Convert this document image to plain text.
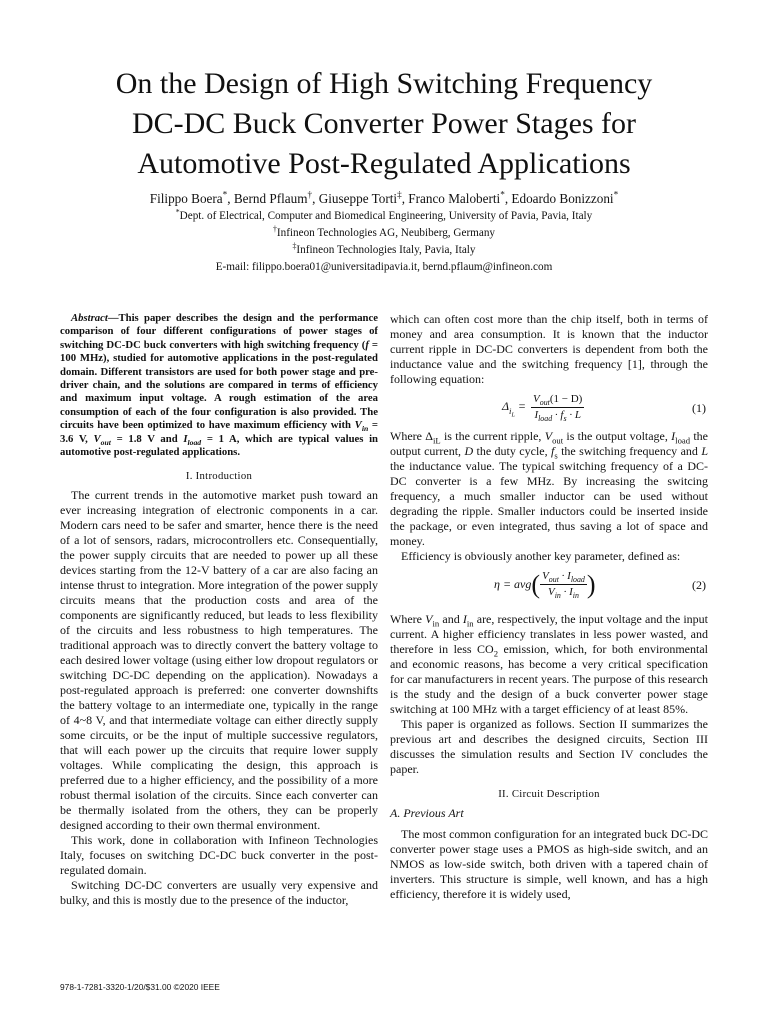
On the Design of High Switching Frequency
DC-DC Buck Converter Power Stages for
Automotive Post-Regulated Applications
Filippo Boera*, Bernd Pflaum†, Giuseppe Torti‡, Franco Maloberti*, Edoardo Bonizzoni*
*Dept. of Electrical, Computer and Biomedical Engineering, University of Pavia, Pavia, Italy
†Infineon Technologies AG, Neubiberg, Germany
‡Infineon Technologies Italy, Pavia, Italy
E-mail: filippo.boera01@universitadipavia.it, bernd.pflaum@infineon.com

Abstract—This paper describes the design and the performance comparison of four different configurations of power stages of switching DC-DC buck converters with high switching frequency (f = 100 MHz), studied for automotive applications in the post-regulated domain. Different transistors are used for both power stage and pre-driver chain, and the solutions are compared in terms of efficiency and maximum input voltage. A rough estimation of the area consumption of each of the four configuration is also provided. The circuits have been optimized to have maximum efficiency with $V_{in} = 3.6$ V, $V_{out} = 1.8$ V and $I_{load} = 1$ A, which are typical values in automotive post-regulated applications.

I. Introduction

The current trends in the automotive market push toward an ever increasing integration of electronic components in a car. Modern cars need to be safer and smarter, hence there is the need of a lot of sensors, radars, microcontrollers etc. Consequentially, the power supply circuits that are needed to power up all these devices starting from the 12-V battery of a car are also facing an intense thrust to integration. More integration of the power supply circuits means that the production costs and area of the components are significantly reduced, but leads to less flexibility of the circuits and less robustness to high temperatures. The traditional approach was to directly convert the battery voltage to each desired lower voltage (using either low dropout regulators or switching DC-DC depending on the application). Nowadays a post-regulated approach is preferred: one converter downshifts the battery voltage to an intermediate one, typically in the range of 4~8 V, and that intermediate voltage can either directly supply some circuits, or be the input of multiple successive regulators, that will each power up the circuits that require lower supply voltages. While complicating the design, this approach is preferred due to a higher efficiency, and the possibility of a more robust thermal isolation of the circuits. Since each converter can be thermally isolated from the others, they can be properly designed according to their own thermal environment.

This work, done in collaboration with Infineon Technologies Italy, focuses on switching DC-DC buck converter in the post-regulated domain.

Switching DC-DC converters are usually very expensive and bulky, and this is mostly due to the presence of the inductor,

which can often cost more than the chip itself, both in terms of money and area consumption. It is known that the inductor current ripple in DC-DC converters is dependent from both the inductance value and the switching frequency [1], through the following equation:

$\Delta_{i_L} = \frac{V_{out}(1 - D)}{I_{load} \cdot f_s \cdot L}$	(1)

Where $\Delta_{iL}$ is the current ripple, $V_{out}$ is the output voltage, $I_{load}$ the output current, D the duty cycle, $f_s$ the switching frequency and L the inductance value. The typical switching frequency of a DC-DC converter is a few MHz. By increasing the switcing frequency, a much smaller inductor can be used without degrading the ripple. Smaller inductors could be inserted inside the package, or even integrated, thus saving a lot of space and money.

Efficiency is obviously another key parameter, defined as:

η = avg ( $\frac{V_{out} \cdot I_{load}}{V_{in} \cdot I_{in}}$ )	(2)

Where $V_{in}$ and $I_{in}$ are, respectively, the input voltage and the input current. A higher efficiency translates in less power wasted, and therefore in less $CO_2$ emission, which, for both environmental and economic reasons, has become a very critical specification for car manufacturers in recent years. The purpose of this research is the study and the design of a buck converter power stage switching at 100 MHz with a target efficiency of at least 85%.

This paper is organized as follows. Section II summarizes the previous art and describes the designed circuits, Section III discusses the simulation results and Section IV concludes the paper.

II. Circuit Description

A. Previous Art

The most common configuration for an integrated buck DC-DC converter power stage uses a PMOS as high-side switch, and an NMOS as low-side switch, both driven with a tapered chain of inverters. This structure is simple, well known, and has a high efficiency, therefore it is widely used,

978-1-7281-3320-1/20/$31.00 ©2020 IEEE
